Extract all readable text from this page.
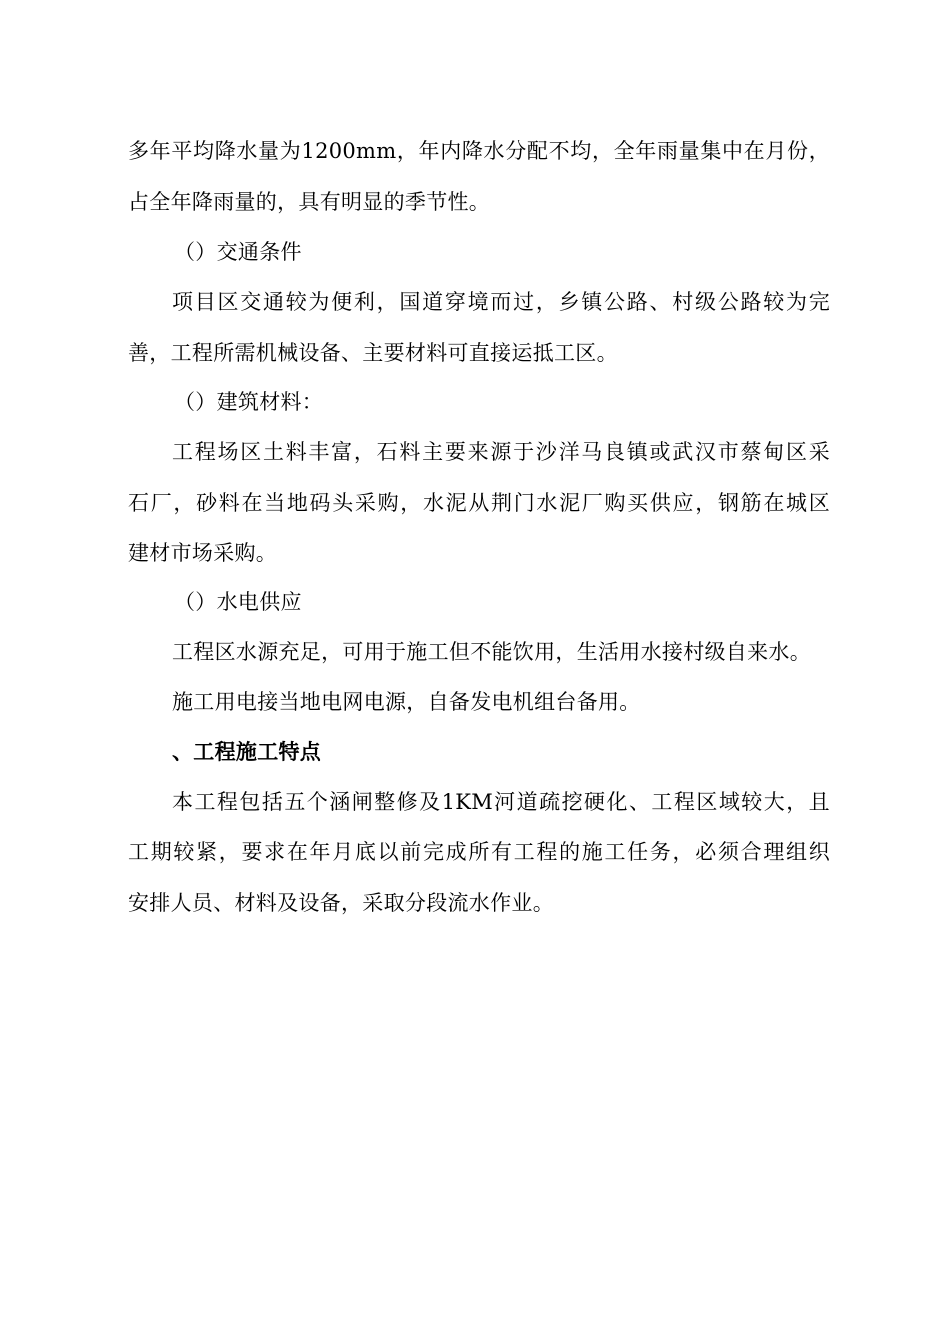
多年平均降水量为1200mm，年内降水分配不均，全年雨量集中在月份，
占全年降雨量的，具有明显的季节性。
（）交通条件
项目区交通较为便利，国道穿境而过，乡镇公路、村级公路较为完
善，工程所需机械设备、主要材料可直接运抵工区。
（）建筑材料：
工程场区土料丰富，石料主要来源于沙洋马良镇或武汉市蔡甸区采
石厂，砂料在当地码头采购，水泥从荆门水泥厂购买供应，钢筋在城区
建材市场采购。
（）水电供应
工程区水源充足，可用于施工但不能饮用，生活用水接村级自来水。
施工用电接当地电网电源，自备发电机组台备用。
、工程施工特点
本工程包括五个涵闸整修及1KM河道疏挖硬化、工程区域较大，且
工期较紧，要求在年月底以前完成所有工程的施工任务，必须合理组织
安排人员、材料及设备，采取分段流水作业。
